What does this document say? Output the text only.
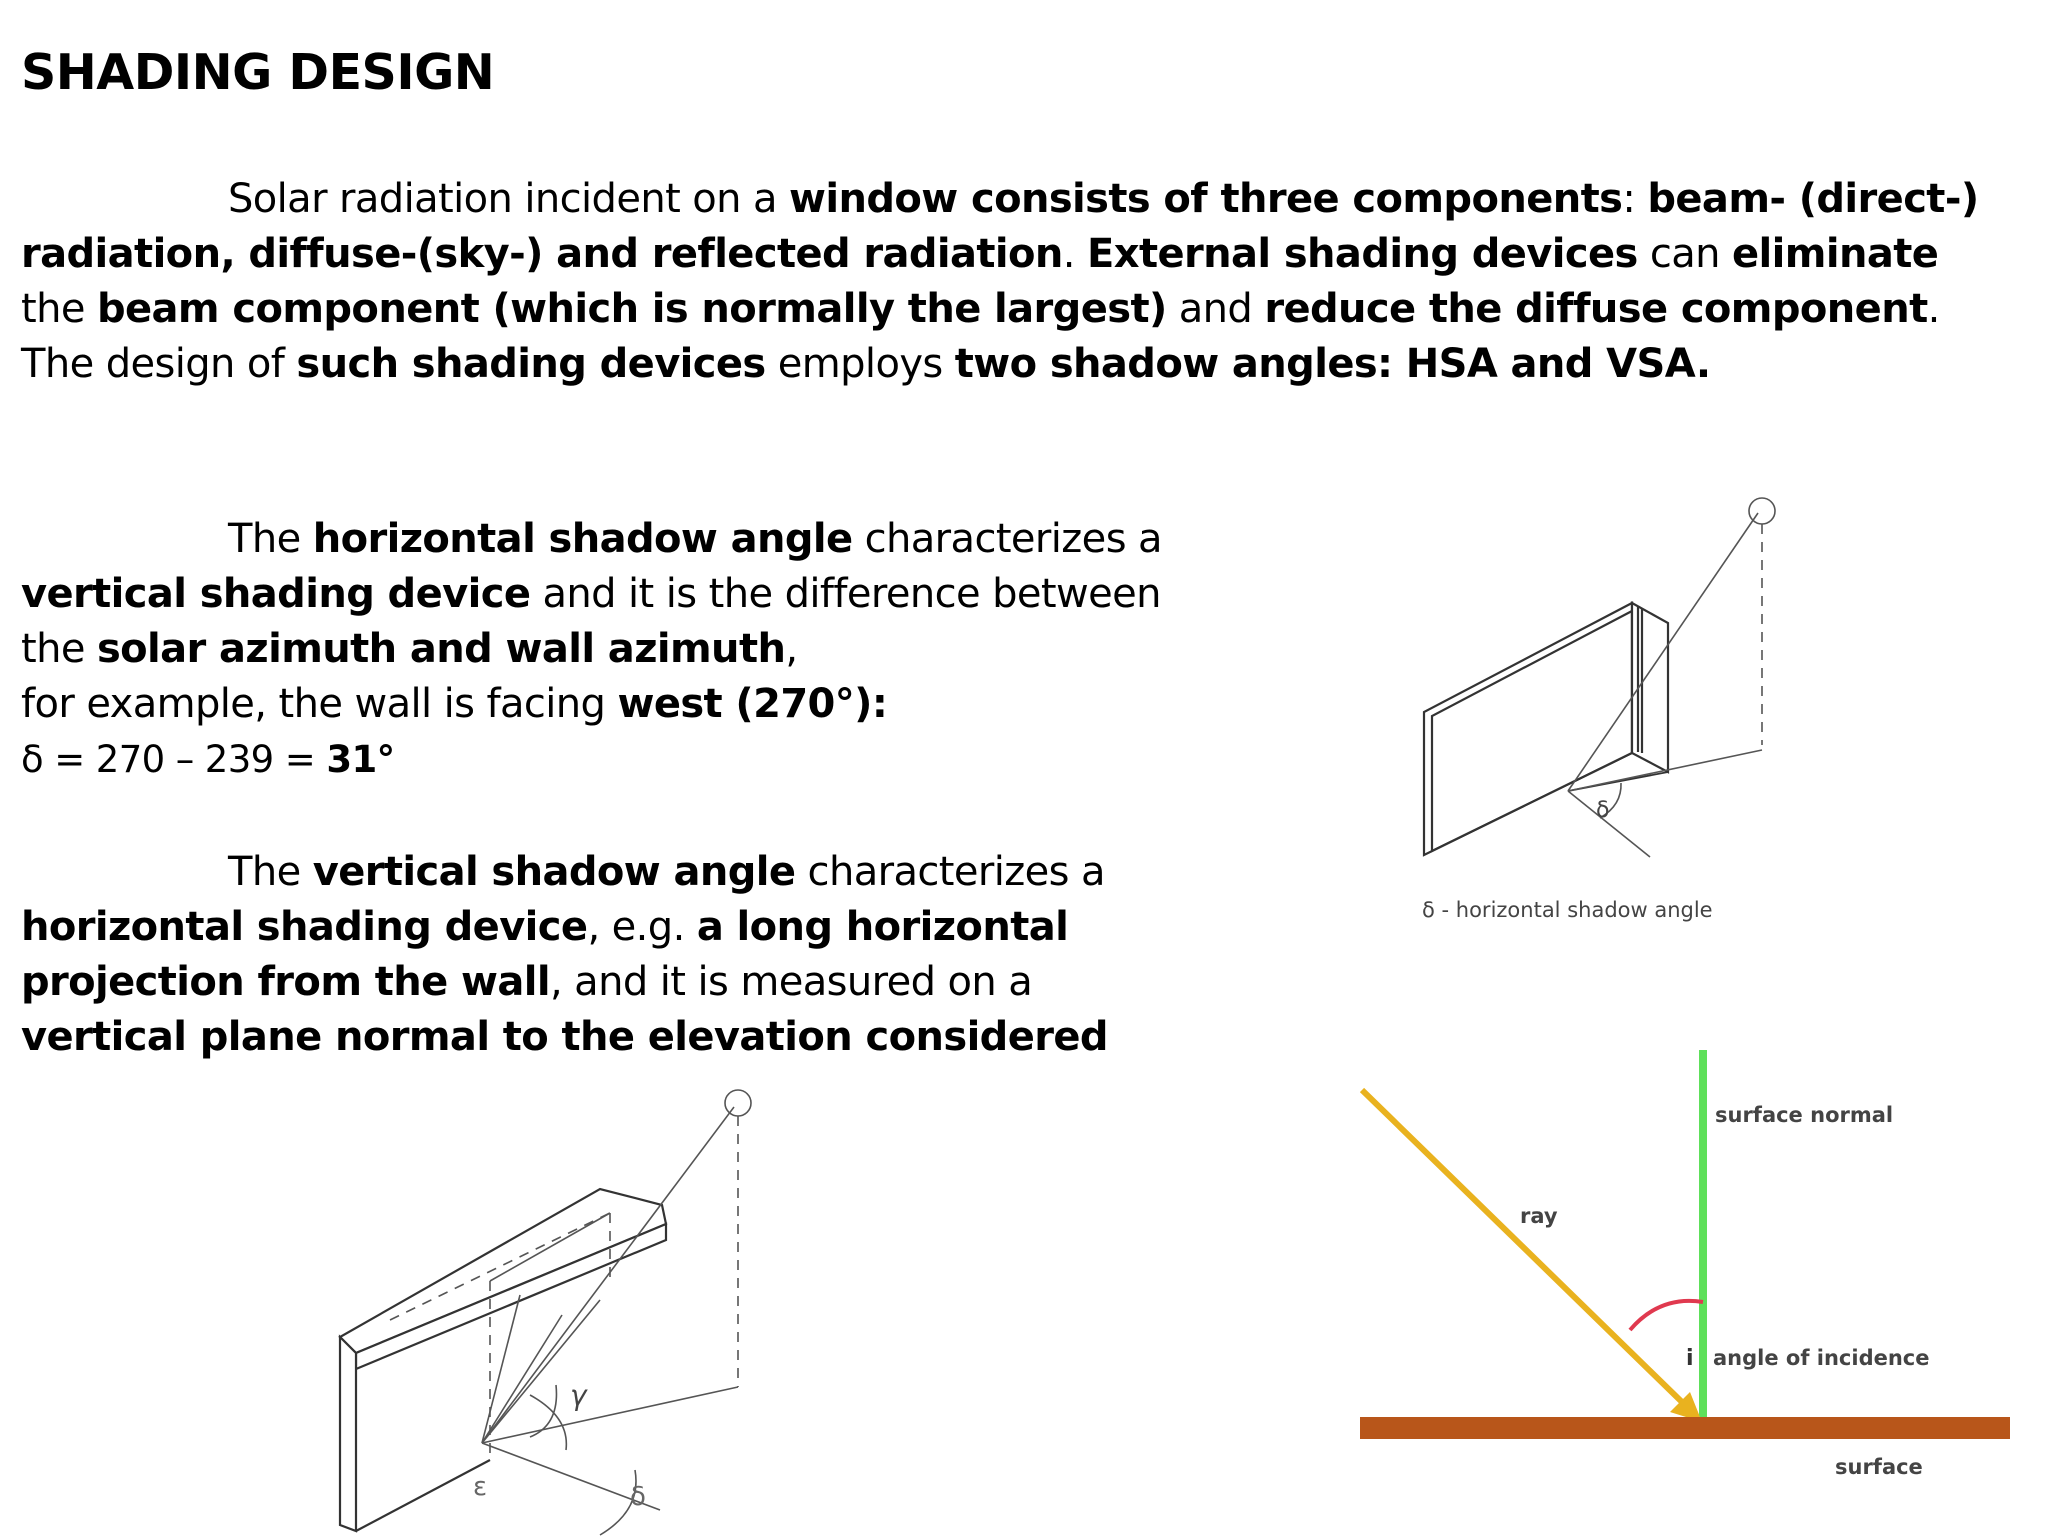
SHADING DESIGN

Solar radiation incident on a window consists of three components: beam- (direct-) radiation, diffuse-(sky-) and reflected radiation. External shading devices can eliminate the beam component (which is normally the largest) and reduce the diffuse component. The design of such shading devices employs two shadow angles: HSA and VSA.

The horizontal shadow angle characterizes a vertical shading device and it is the difference between the solar azimuth and wall azimuth,
for example, the wall is facing west (270°):
δ = 270 – 239 = 31°

The vertical shadow angle characterizes a horizontal shading device, e.g. a long horizontal projection from the wall, and it is measured on a vertical plane normal to the elevation considered

δ
δ - horizontal shadow angle
γ
ε	δ
surface normal
ray
i angle of incidence
surface
